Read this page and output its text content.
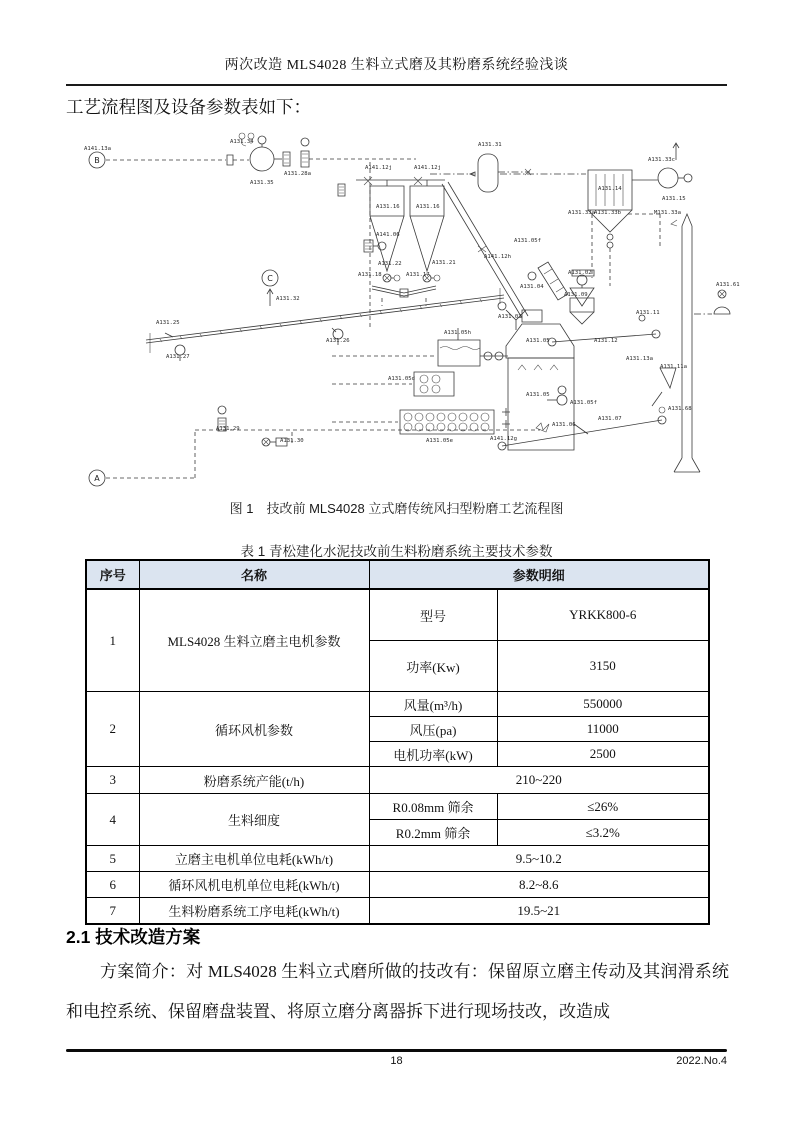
两次改造 MLS4028 生料立式磨及其粉磨系统经验浅谈
工艺流程图及设备参数表如下：
A141.13a
A131.34
A131.35
A131.28a
A141.06
A141.12j	A141.12j
A131.16	A131.16
A131.18	A131.17
A131.22	A131.21
A131.31
A131.14
A131.33c
A131.15
A131.33a A131.33b	M131.33a
A131.61
A131.68
A141.12h
A131.04
A131.03
A131.02
A131.05f
A131.05
A131.05
A131.05f
A131.05h
A131.05d
A131.05e	A141.12g
A131.06
A131.07
A131.09
A131.12
A131.11
A131.11a
A131.13a
A131.25
A131.27
A131.26
A131.32
A131.29
A131.30
B
C
A
图 1　技改前 MLS4028 立式磨传统风扫型粉磨工艺流程图
表 1 青松建化水泥技改前生料粉磨系统主要技术参数
序号	名称	参数明细	
1	MLS4028 生料立磨主电机参数	型号	YRKK800-6
		功率(Kw)	3150
2	循环风机参数	风量(m³/h)	550000
		风压(pa)	11000
		电机功率(kW)	2500
3	粉磨系统产能(t/h)	210~220	
4	生料细度	R0.08mm 筛余	≤26%
		R0.2mm 筛余	≤3.2%
5	立磨主电机单位电耗(kWh/t)	9.5~10.2	
6	循环风机电机单位电耗(kWh/t)	8.2~8.6	
7	生料粉磨系统工序电耗(kWh/t)	19.5~21	
2.1 技术改造方案
方案简介：对 MLS4028 生料立式磨所做的技改有：保留原立磨主传动及其润滑系统和电控系统、保留磨盘装置、将原立磨分离器拆下进行现场技改，改造成
18	2022.No.4
